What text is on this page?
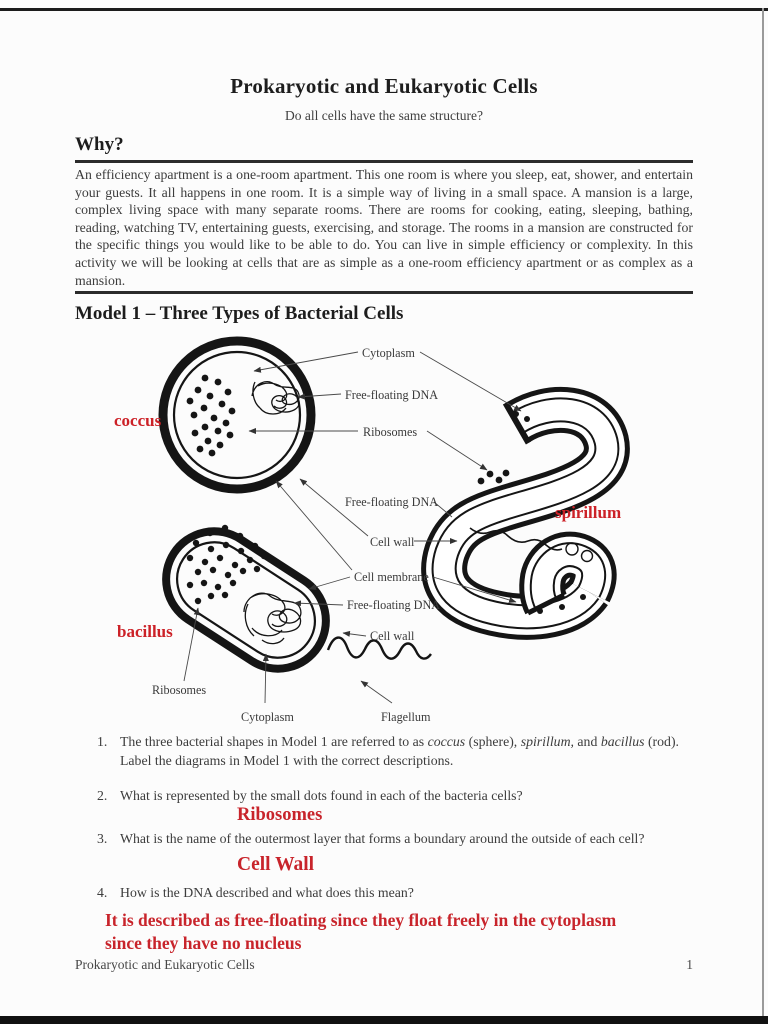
Prokaryotic and Eukaryotic Cells
Do all cells have the same structure?
Why?
An efficiency apartment is a one-room apartment. This one room is where you sleep, eat, shower, and entertain your guests. It all happens in one room. It is a simple way of living in a small space. A mansion is a large, complex living space with many separate rooms. There are rooms for cooking, eating, sleeping, bathing, reading, watching TV, entertaining guests, exercising, and storage. The rooms in a mansion are constructed for the specific things you would like to be able to do. You can live in simple efficiency or complexity. In this activity we will be looking at cells that are as simple as a one-room efficiency apartment or as complex as a mansion.
Model 1 – Three Types of Bacterial Cells
Cytoplasm
Free-floating DNA
Ribosomes
Free-floating DNA
Cell wall
Cell membrane
Free-floating DNA
Cell wall
Ribosomes
Cytoplasm	Flagellum
coccus
bacillus
spirillum
1. The three bacterial shapes in Model 1 are referred to as coccus (sphere), spirillum, and bacillus (rod). Label the diagrams in Model 1 with the correct descriptions.
2. What is represented by the small dots found in each of the bacteria cells?
Ribosomes
3. What is the name of the outermost layer that forms a boundary around the outside of each cell?
Cell Wall
4. How is the DNA described and what does this mean?
It is described as free-floating since they float freely in the cytoplasm
since they have no nucleus
Prokaryotic and Eukaryotic Cells	1
